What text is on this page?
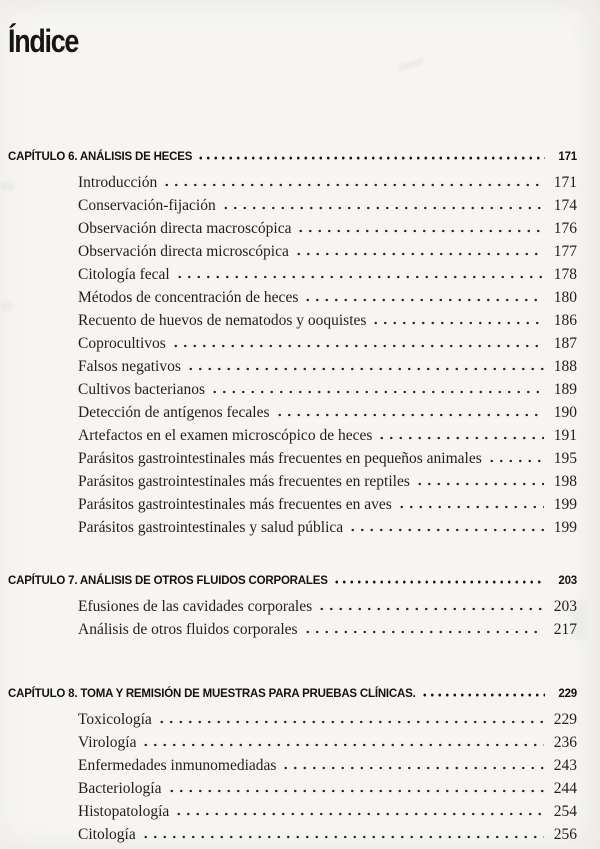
Índice
CAPÍTULO 6. ANÁLISIS DE HECES	171
Introducción	171
Conservación-fijación	174
Observación directa macroscópica	176
Observación directa microscópica	177
Citología fecal	178
Métodos de concentración de heces	180
Recuento de huevos de nematodos y ooquistes	186
Coprocultivos	187
Falsos negativos	188
Cultivos bacterianos	189
Detección de antígenos fecales	190
Artefactos en el examen microscópico de heces	191
Parásitos gastrointestinales más frecuentes en pequeños animales	195
Parásitos gastrointestinales más frecuentes en reptiles	198
Parásitos gastrointestinales más frecuentes en aves	199
Parásitos gastrointestinales y salud pública	199
CAPÍTULO 7. ANÁLISIS DE OTROS FLUIDOS CORPORALES	203
Efusiones de las cavidades corporales	203
Análisis de otros fluidos corporales	217
CAPÍTULO 8. TOMA Y REMISIÓN DE MUESTRAS PARA PRUEBAS CLÍNICAS.	229
Toxicología	229
Virología	236
Enfermedades inmunomediadas	243
Bacteriología	244
Histopatología	254
Citología	256
